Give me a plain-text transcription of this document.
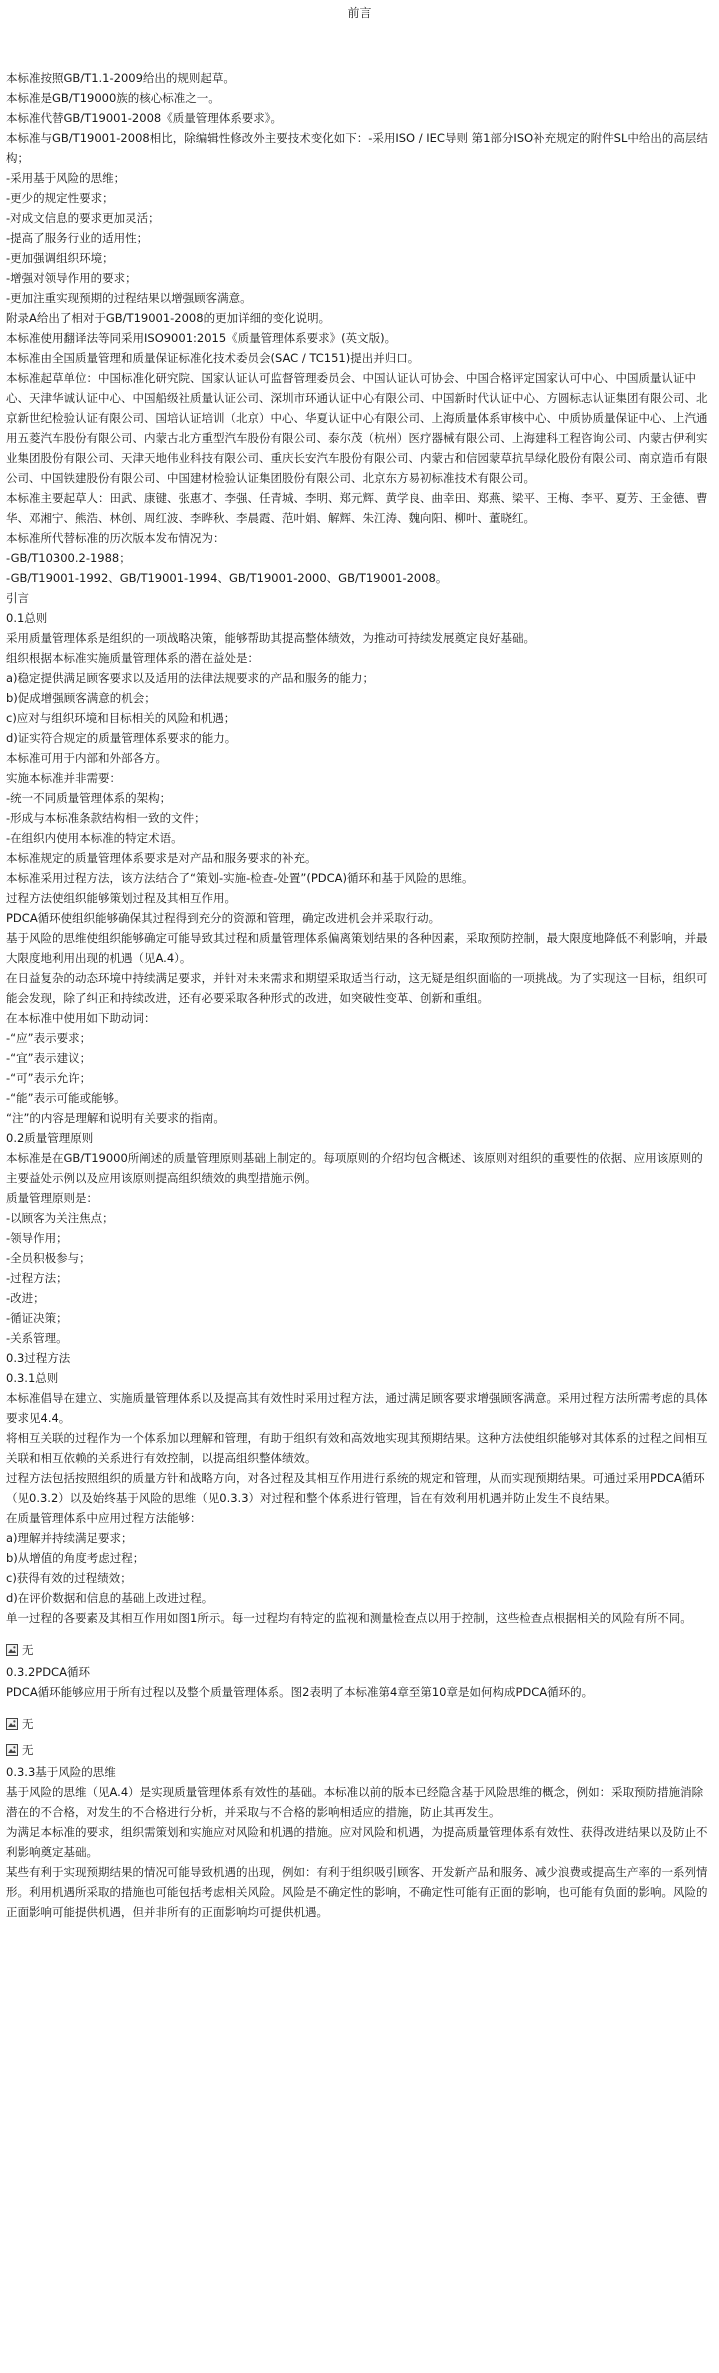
前言
本标准按照GB/T1.1-2009给出的规则起草。
本标准是GB/T19000族的核心标准之一。
本标准代替GB/T19001-2008《质量管理体系要求》。
本标准与GB/T19001-2008相比，除编辑性修改外主要技术变化如下：-采用ISO / IEC导则 第1部分ISO补充规定的附件SL中给出的高层结构；
-采用基于风险的思维；
-更少的规定性要求；
-对成文信息的要求更加灵活；
-提高了服务行业的适用性；
-更加强调组织环境；
-增强对领导作用的要求；
-更加注重实现预期的过程结果以增强顾客满意。
附录A给出了相对于GB/T19001-2008的更加详细的变化说明。
本标准使用翻译法等同采用ISO9001:2015《质量管理体系要求》(英文版)。
本标准由全国质量管理和质量保证标准化技术委员会(SAC / TC151)提出并归口。
本标准起草单位：中国标准化研究院、国家认证认可监督管理委员会、中国认证认可协会、中国合格评定国家认可中心、中国质量认证中心、天津华诚认证中心、中国船级社质量认证公司、深圳市环通认证中心有限公司、中国新时代认证中心、方圆标志认证集团有限公司、北京新世纪检验认证有限公司、国培认证培训（北京）中心、华夏认证中心有限公司、上海质量体系审核中心、中质协质量保证中心、上汽通用五菱汽车股份有限公司、内蒙古北方重型汽车股份有限公司、泰尔茂（杭州）医疗器械有限公司、上海建科工程咨询公司、内蒙古伊利实业集团股份有限公司、天津天地伟业科技有限公司、重庆长安汽车股份有限公司、内蒙古和信园蒙草抗旱绿化股份有限公司、南京造币有限公司、中国铁建股份有限公司、中国建材检验认证集团股份有限公司、北京东方易初标准技术有限公司。
本标准主要起草人：田武、康键、张惠才、李强、任青城、李明、郑元辉、黄学良、曲幸田、郑燕、梁平、王梅、李平、夏芳、王金德、曹华、邓湘宁、熊浩、林创、周红波、李晔秋、李晨霞、范叶娟、解辉、朱江涛、魏向阳、柳叶、董晓红。
本标准所代替标准的历次版本发布情况为：
-GB/T10300.2-1988；
-GB/T19001-1992、GB/T19001-1994、GB/T19001-2000、GB/T19001-2008。
引言
0.1总则
采用质量管理体系是组织的一项战略决策，能够帮助其提高整体绩效，为推动可持续发展奠定良好基础。
组织根据本标准实施质量管理体系的潜在益处是：
a)稳定提供满足顾客要求以及适用的法律法规要求的产品和服务的能力；
b)促成增强顾客满意的机会；
c)应对与组织环境和目标相关的风险和机遇；
d)证实符合规定的质量管理体系要求的能力。
本标准可用于内部和外部各方。
实施本标准并非需要：
-统一不同质量管理体系的架构；
-形成与本标准条款结构相一致的文件；
-在组织内使用本标准的特定术语。
本标准规定的质量管理体系要求是对产品和服务要求的补充。
本标准采用过程方法，该方法结合了“策划-实施-检查-处置”(PDCA)循环和基于风险的思维。
过程方法使组织能够策划过程及其相互作用。
PDCA循环使组织能够确保其过程得到充分的资源和管理，确定改进机会并采取行动。
基于风险的思维使组织能够确定可能导致其过程和质量管理体系偏离策划结果的各种因素，采取预防控制，最大限度地降低不利影响，并最大限度地利用出现的机遇（见A.4）。
在日益复杂的动态环境中持续满足要求，并针对未来需求和期望采取适当行动，这无疑是组织面临的一项挑战。为了实现这一目标，组织可能会发现，除了纠正和持续改进，还有必要采取各种形式的改进，如突破性变革、创新和重组。
在本标准中使用如下助动词：
-“应”表示要求；
-“宜”表示建议；
-“可”表示允许；
-“能”表示可能或能够。
“注”的内容是理解和说明有关要求的指南。
0.2质量管理原则
本标准是在GB/T19000所阐述的质量管理原则基础上制定的。每项原则的介绍均包含概述、该原则对组织的重要性的依据、应用该原则的主要益处示例以及应用该原则提高组织绩效的典型措施示例。
质量管理原则是：
-以顾客为关注焦点；
-领导作用；
-全员积极参与；
-过程方法；
-改进；
-循证决策；
-关系管理。
0.3过程方法
0.3.1总则
本标准倡导在建立、实施质量管理体系以及提高其有效性时采用过程方法，通过满足顾客要求增强顾客满意。采用过程方法所需考虑的具体要求见4.4。
将相互关联的过程作为一个体系加以理解和管理，有助于组织有效和高效地实现其预期结果。这种方法使组织能够对其体系的过程之间相互关联和相互依赖的关系进行有效控制，以提高组织整体绩效。
过程方法包括按照组织的质量方针和战略方向，对各过程及其相互作用进行系统的规定和管理，从而实现预期结果。可通过采用PDCA循环（见0.3.2）以及始终基于风险的思维（见0.3.3）对过程和整个体系进行管理，旨在有效利用机遇并防止发生不良结果。
在质量管理体系中应用过程方法能够：
a)理解并持续满足要求；
b)从增值的角度考虑过程；
c)获得有效的过程绩效；
d)在评价数据和信息的基础上改进过程。
单一过程的各要素及其相互作用如图1所示。每一过程均有特定的监视和测量检查点以用于控制，这些检查点根据相关的风险有所不同。
无
0.3.2PDCA循环
PDCA循环能够应用于所有过程以及整个质量管理体系。图2表明了本标准第4章至第10章是如何构成PDCA循环的。
无
无
0.3.3基于风险的思维
基于风险的思维（见A.4）是实现质量管理体系有效性的基础。本标准以前的版本已经隐含基于风险思维的概念，例如：采取预防措施消除潜在的不合格，对发生的不合格进行分析，并采取与不合格的影响相适应的措施，防止其再发生。
为满足本标准的要求，组织需策划和实施应对风险和机遇的措施。应对风险和机遇，为提高质量管理体系有效性、获得改进结果以及防止不利影响奠定基础。
某些有利于实现预期结果的情况可能导致机遇的出现，例如：有利于组织吸引顾客、开发新产品和服务、减少浪费或提高生产率的一系列情形。利用机遇所采取的措施也可能包括考虑相关风险。风险是不确定性的影响，不确定性可能有正面的影响，也可能有负面的影响。风险的正面影响可能提供机遇，但并非所有的正面影响均可提供机遇。
